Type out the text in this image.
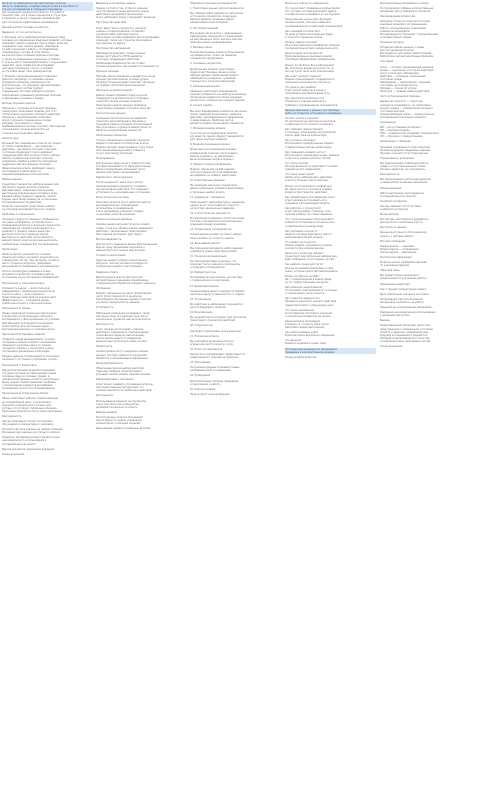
Датасет из кибернетики для автономных агентов
обзор по сравнению, и первым результатам в этой области
так как исследование в отдельных подзадачах
для понимания предметной области. Эта работа
позволит нам: что в плане принципов и структуры
в прошлом, а также о будущих направлениях
для построения эффективных интерфейсов
Данный датасет основан на работах
Введение: что за «ассистенты»
1. Большая часть моделей для выполнения задач
основана на современных языковых моделях, которые
позволяют решать широкий спектр задач, включая
генерацию кода, анализ данных, навигацию
по веб-страницам и работу с интерфейсами
операционных систем. В этом обзоре
мы рассмотрим основные подходы и методы
а также их применение в реальных условиях.
2. Агенты могут взаимодействовать с окружением
через API, через графический интерфейс
или через командную строку, и каждый
из способов имеет свои преимущества.
3. Модели с визуальным вводом позволяют
работать напрямую со снимками экрана,
определяя элементы управления и их
расположение, что упрощает автоматизацию.
4. Оценка таких систем требует
специальных тестовых наборов и метрик,
позволяющих сравнивать различные подходы
в одинаковых условиях и средах.
Методы обучения агентов
Обучение с учителем использует примеры
траекторий, записанных людьми, для того
чтобы модель научилась повторять действия.
Обучение с подкреплением позволяет
агенту улучшать поведение на основе
награды, получаемой от среды.
Комбинированные методы сочетают оба подхода
и показывают лучшие результаты на
сложных многошаговых задачах.
Архитектуры
Большинство современных агентов построено
по схеме «наблюдение — рассуждение —
действие», где модель получает описание
состояния, формирует план и выбирает
следующее действие из допустимого набора.
Память и рефлексия помогают агентам
исправлять ошибки и избегать повторения
неудачных шагов в длинных эпизодах.
Иерархические агенты разбивают задачу
на подзадачи и делегируют их
специализированным исполнителям.
Наборы данных
Существует множество наборов данных для
обучения и оценки агентов, включая
веб-навигацию, мобильные приложения,
настольные операционные системы и игры.
Каждый набор содержит задания, снимки
экрана, аннотации элементов и эталонные
последовательности действий.
Качество аннотаций существенно влияет
на итоговую производительность модели.
Проблемы и ограничения
Основные трудности связаны с обобщением
на новые интерфейсы, устойчивостью к
изменениям разметки и длинным горизонтом
планирования. Ошибки накапливаются и
приводят к провалу задачи даже при
высокой точности отдельных шагов.
Безопасность действий также является
важной темой: агент не должен выполнять
необратимые операции без подтверждения.
Заключение
Область быстро развивается, и новые
модели регулярно улучшают результаты на
стандартных тестах. Тем не менее, остаётся
много открытых вопросов, требующих
дальнейших исследований и экспериментов.
Список литературы приведён в конце
документа и включает основные работы
по каждому из рассмотренных направлений.
Приложение А. Описание метрик
Успешность задачи — доля эпизодов,
завершённых с правильным результатом.
Точность шага — доля корректно
предсказанных действий на каждом шаге.
Эффективность — отношение длины
траектории агента к эталонной длине.
Приложение Б. Среды
Среды моделируют реальные приложения
и позволяют воспроизводимо запускать
эксперименты с фиксированным состоянием.
Для веб-задач используются локальные
копии сайтов; для настольных задач —
виртуальные машины со снимками диска.
Приложение В. Примеры заданий
«Найдите самый дешёвый билет на рейс»
«Отправьте письмо коллеге с вложением»
«Измените настройки яркости экрана»
«Создайте таблицу и посчитайте сумму»
«Установите расширение в браузере»
Каждое задание сопровождается описанием
начального состояния и критерием успеха.
Приложение Г. Результаты
Результаты базовых моделей показывают,
что даже крупные системы решают менее
половины задач в сложных средах, а
человеческий уровень остаётся значительно
выше. Анализ ошибок выявляет проблемы
с локализацией элементов интерфейса,
пониманием контекста и планированием.
Приложение Д. Ограничения обзора
Обзор охватывает работы, опубликованные
до определённой даты, и не включает
закрытые коммерческие системы, для
которых отсутствуют публичные описания.
Некоторые результаты могут быть неполными.
Благодарности
Авторы благодарят коллег за полезные
обсуждения и комментарии к черновику.
Контакты авторов указаны на первой странице.
Исходный код и данные доступны по запросу.
Лицензия: материалы распространяются для
некоммерческого использования в
исследовательских целях.
Версия документа: финальная редакция.
Конец документа.
Введение в постановку задачи
Задача состоит в том, чтобы по заданию
на естественном языке выполнить серию
действий в интерфейсе приложения.
Агент наблюдает экран и принимает решения.
Пространство действий
Клик, ввод текста, прокрутка, нажатие
клавиш и перетаскивание составляют
основной набор действий агента.
Некоторые системы добавляют высокоуровневые
операции, такие как открытие приложения
или переход по адресу.
Пространство наблюдений
Наблюдения включают снимки экрана,
дерево доступности, HTML-разметку
и историю предыдущих действий.
Комбинация модальностей часто даёт
лучшие результаты, чем каждая по отдельности.
Функция награды
Награда обычно бинарная и выдаётся в конце
эпизода при выполнении условия успеха.
Промежуточные награды помогают обучению,
но требуют дополнительной разметки.
Обучение на демонстрациях
Демонстрации собираются вручную или
генерируются автоматически с помощью
скриптов и более сильных моделей.
Фильтрация некачественных примеров
существенно повышает итоговое качество.
Синтетические данные
Генерация синтетических интерфейсов
позволяет масштабировать обучение и
покрывать редкие сценарии использования.
При этом важно сохранять реалистичность
макетов и разнообразие элементов.
Локализация элементов
Точное определение координат элемента
является ключевой способностью агента.
Модели обучают предсказывать точку клика
или ограничивающую рамку элемента
по его текстовому описанию.
Планирование
Для длинных задач агенту требуется план,
который обновляется по мере выполнения.
Явное планирование уменьшает число
лишних действий и зацикливаний.
Рефлексия и самокоррекция
После неудачного шага агент может
проанализировать результат и выбрать
альтернативное действие. Это повышает
устойчивость к неожиданным состояниям.
Мультиагентные системы
Несколько агентов могут работать вместе,
распределяя роли: планировщик,
исполнитель и проверяющий.
Такое разделение упрощает отладку
и улучшает качество решений.
Оценка в реальном времени
Онлайн-оценка запускает агента в живой
среде, тогда как офлайн-оценка сравнивает
действия с записанными траекториями.
Оба подхода дополняют друг друга.
Воспроизводимость
Для честного сравнения важны фиксированные
версии сред, одинаковые подсказки и
единый протокол оценки результатов.
Стоимость вычислений
Крупные модели требуют значительных
ресурсов, поэтому активно исследуются
компактные модели и дистилляция.
Задержка ответа
Время реакции агента критично для
интерактивных сценариев. Кэширование
и параллельная обработка снижают задержку.
Обобщение
Модели, обученные на одних приложениях,
часто плохо переносятся на другие.
Разнообразие обучающих данных помогает
улучшить переносимость навыков.
Устойчивость
Небольшие изменения интерфейса, такие
как смена темы или размера окна, могут
значительно ухудшить результаты агента.
Безопасность
Агент должен распознавать опасные
действия и запрашивать подтверждение
пользователя перед их выполнением.
Также важна защита от внедрения
вредоносных инструкций через контент.
Приватность
Снимки экрана могут содержать личные
данные, поэтому требуется аккуратная
обработка и анонимизация информации.
Интерпретируемость
Объяснение причин выбора действия
повышает доверие пользователей и
упрощает анализ ошибок разработчиками.
Взаимодействие с человеком
Агент может задавать уточняющие вопросы
при неоднозначных инструкциях, что
снижает вероятность ошибочных действий.
Инструменты
Использование внешних инструментов,
таких как поиск или калькулятор,
расширяет возможности агента.
Выводы раздела
Рассмотренные аспекты показывают
многогранность задачи управления
компьютером с помощью моделей.
Дальнейшие разделы посвящены деталям.
Подробное описание экспериментов
1. Подготовка данных для экспериментов
Мы собрали набор заданий из нескольких
источников и разметили их вручную.
Каждое задание проверено двумя
независимыми аннотаторами.
2. Настройка моделей
Все модели запускались с одинаковыми
параметрами генерации и ограничением
на максимальное число шагов в эпизоде.
Подсказки были унифицированы.
3. Базовые линии
В качестве базовых линий использовались
случайный агент, агент на правилах
и модели без дообучения.
4. Основные результаты
Дообученные модели существенно
превосходят базовые линии на всех
наборах данных. Наибольший прирост
наблюдается на задачах с длинным
горизонтом и сложной навигацией.
5. Абляционный анализ
Удаление компонента планирования
снижает успешность на заметную величину.
Отключение рефлексии также ухудшает
результаты, особенно на сложных задачах.
6. Анализ ошибок
Мы классифицировали ошибки на несколько
типов: неверная локализация, неверное
действие, преждевременное завершение
и зацикливание. Наиболее частой
является ошибка локализации элементов.
7. Влияние размера модели
С ростом числа параметров качество
улучшается, однако прирост замедляется
для самых крупных моделей.
8. Влияние разрешения экрана
Более высокое разрешение входных
изображений помогает распознавать
мелкие элементы, но увеличивает
вычислительные затраты модели.
9. Перенос между платформами
Модель, обученная на веб-задачах,
частично переносится на мобильные
интерфейсы, но требует адаптации.
10. Качественные примеры
Мы приводим несколько траекторий,
демонстрирующих успешное выполнение
и типичные ошибки агента.
11. Сравнение с человеком
Люди решают задачи быстрее и надёжнее,
однако агент сопоставим по скорости
на простых однозначных заданиях.
12. Статистическая значимость
Все различия проверены статистическими
тестами с поправкой на множественные
сравнения между моделями.
13. Ограничения экспериментов
Ограниченный размер тестового набора
может влиять на точность оценок.
14. Дальнейшая работа
Мы планируем расширить набор заданий
и добавить новые типы приложений.
15. Техническая реализация
Система реализована модульно, что
позволяет легко заменять компоненты
и проводить эксперименты.
16. Инфраструктура
Эксперименты выполнялись на кластере
с графическими ускорителями.
17. Время выполнения
Среднее время одного эпизода составляет
несколько минут в зависимости от задачи.
18. Логирование
Все действия и наблюдения сохраняются
для последующего анализа.
19. Визуализация
Мы разработали инструмент для просмотра
траекторий с подсветкой действий.
20. Открытый код
Код будет опубликован после рецензии.
21. Этические аспекты
Мы учитывали возможные риски и
ограничили доступ агента к сети.
22. Итоги экспериментов
Результаты подтверждают эффективность
предложенного подхода на практике.
23. Обсуждение
Полученные данные открывают новые
направления для исследований.
24. Примечания
Дополнительные таблицы приведены
в приложении к работе.
25. Краткое резюме
Подход прост и масштабируем.
Вопросы и ответы по содержанию
Что такое агент управления компьютером?
Это система, которая выполняет задачи
в графическом интерфейсе по инструкции.
Какие данные нужны для обучения?
Снимки экрана, описания заданий и
последовательности действий пользователя.
Как оценивается качество?
По доле успешно выполненных задач
и точности отдельных шагов.
Почему задача сложная?
Из-за разнообразия интерфейсов, длинных
последовательностей и неоднозначности.
Какие модели используются?
Мультимодальные языковые модели,
способные обрабатывать изображения.
Можно ли обойтись без изображений?
Да, используя дерево доступности, но
оно доступно не во всех приложениях.
Как агент находит элемент?
Модель предсказывает координаты по
описанию и визуальному контексту.
Что делать при ошибке?
Агент может вернуться назад и
попробовать альтернативный путь.
Как обеспечить безопасность?
Ограничить опасные действия и
требовать подтверждения пользователя.
Важное замечание о данных: все примеры
взяты из открытых источников и проверены
Сколько шагов в среднем?
От нескольких до нескольких десятков
в зависимости от сложности задания.
Как собирают демонстрации?
С помощью специальных инструментов
записи действий на компьютере.
Как ускорить обучение?
Использовать предобученные модели
и эффективные методы дообучения.
Как сравнивать модели честно?
Использовать одинаковые среды, задания
и протокол оценки для всех систем.
Что такое эпизод?
Последовательность действий от начала
задания до его завершения.
Что такое траектория?
Запись всех наблюдений и действий
агента в течение одного эпизода.
Можно ли использовать клавиатуру?
Да, ввод текста и сочетания клавиш
входят в пространство действий.
Как обрабатывать всплывающие окна?
Агент должен распознавать их и
закрывать или взаимодействовать.
Как работать с прокруткой?
Агент прокручивает страницу, пока
нужный элемент не станет видимым.
Что с многооконными приложениями?
Требуется отслеживать активное окно
и переключаться между ними.
Как учитывать контекст?
Хранить историю действий и кратко
резюмировать её для модели.
Что влияет на скорость?
Размер модели, разрешение и длина
контекста при каждом вызове.
Какие есть открытые наборы?
Существует ряд публичных наборов для
веба, мобильных и настольных систем.
Как выбрать среду для теста?
Исходя из целевой платформы и типа
задач, которые нужно автоматизировать.
Можно ли обучать онлайн?
Да, с подкреплением в живой среде,
но это требует больших ресурсов.
Как избежать зацикливания?
Отслеживать повторяющиеся состояния
и ограничивать число попыток.
Как повысить надёжность?
Проверять результат каждого действия
перед переходом к следующему шагу.
Что такое заземление?
Сопоставление текстового описания
с конкретным элементом на экране.
Какие метрики популярны?
Успешность, точность шага, число
действий и время выполнения.
Где найти примеры кода?
В репозиториях авторов исследований.
Что дальше?
Развитие моделей и новых сред.
Итоговые рекомендации по применению
приведены в заключительном разделе
Конец раздела вопросов.
Дополнительные материалы и ссылки
В этом разделе собраны дополнительные
материалы для углублённого изучения.
Рекомендуемая литература
Обзорные статьи по агентам на основе
языковых моделей и их применению.
Работы по визуальному заземлению
элементов интерфейса.
Исследования по обучению с подкреплением
в интерактивных средах.
Полезные ресурсы
Открытые наборы данных и среды
для тестирования агентов.
Инструменты для записи демонстраций.
Библиотеки для автоматизации браузера.
Глоссарий
Агент — система, принимающая решения.
Среда — окружение, в котором действует
агент и получает наблюдения.
Действие — операция, изменяющая
состояние среды.
Наблюдение — информация о текущем
состоянии, доступная агенту.
Награда — сигнал об успехе.
Политика — правило выбора действий.
Часто встречающиеся термины
Дерево доступности — структура
элементов интерфейса с их свойствами.
Снимок экрана — изображение текущего
состояния дисплея.
Ограничивающая рамка — прямоугольник,
описывающий положение элемента.
Сокращения
ИИ — искусственный интеллект.
ЯМ — языковая модель.
ГИП — графический интерфейс пользователя.
ОП — обучение с подкреплением.
Примечания к таблицам
Значения усреднены по трём запускам.
Лучшие результаты выделены жирным.
Прочерк означает отсутствие данных.
Ограничения и допущения
Мы предполагаем стабильную работу
среды и отсутствие внешних помех.
Сетевые задержки не учитывались.
Благодарности
Мы признательны участникам разметки
и рецензентам за ценные замечания.
Финансирование
Работа выполнена при поддержке
исследовательских грантов.
Конфликт интересов
Авторы заявляют об отсутствии
конфликта интересов.
Вклад авторов
Все авторы участвовали в разработке
методологии и написании текста.
Доступность данных
Данные доступны по обоснованному
запросу к авторам работы.
История изменений
Первая версия — черновик.
Вторая версия — исправления.
Третья версия — финальная.
Контактная информация
Вопросы можно направлять авторам
по указанным адресам.
Обратная связь
Мы приветствуем замечания и
предложения по улучшению работы.
Примечание редактора
Текст прошёл литературную правку.
Дата публикации указана в заголовке.
Цитирование: при использовании
материалов ссылайтесь на работу.
Лицензия на использование материалов
Разрешено некоммерческое использование
с указанием авторства.
Выводы
Представленный обзор даёт целостное
представление о современном состоянии
области и намечает направления для
будущих исследований и разработок.
Ожидается дальнейший рост качества
и появление новых прикладных систем.
Конец документа.
